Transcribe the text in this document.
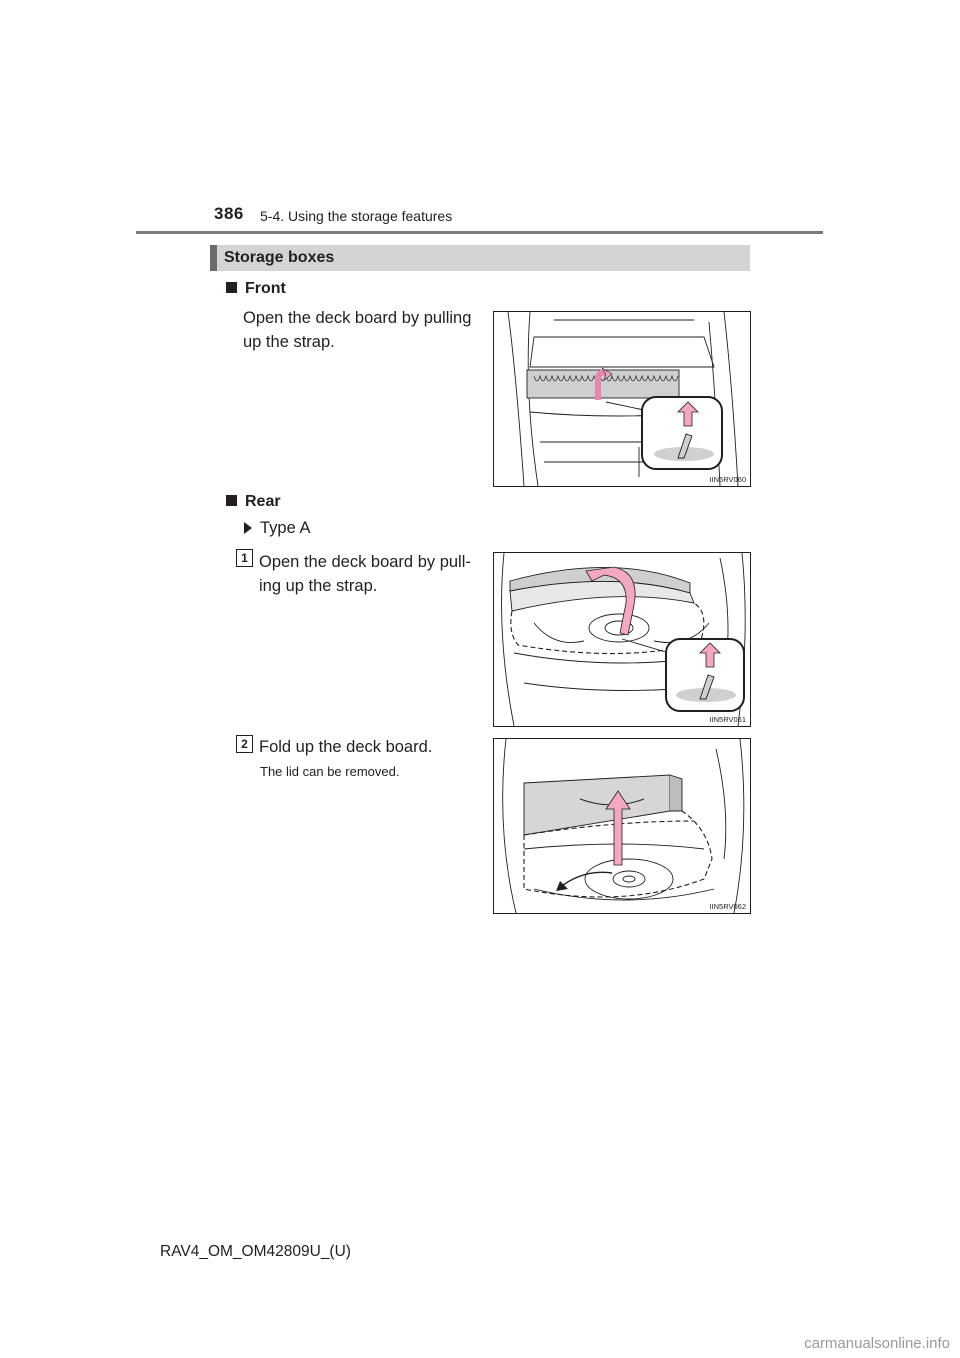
386 5-4. Using the storage features
Storage boxes
Front
Open the deck board by pulling
up the strap.
IIN5RV060
Rear
Type A
1 Open the deck board by pull-
ing up the strap.
IIN5RV061
2 Fold up the deck board.
The lid can be removed.
IIN5RV062
RAV4_OM_OM42809U_(U)
carmanualsonline.info
